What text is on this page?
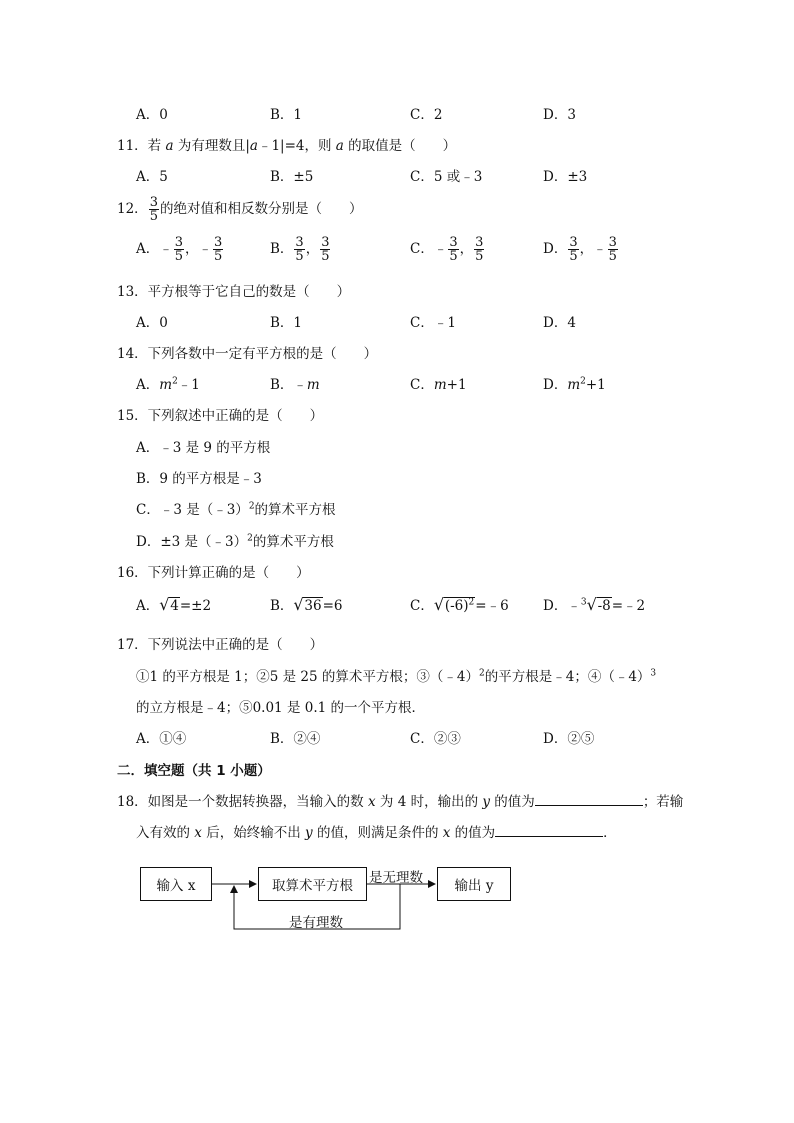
A．0	B．1	C．2	D．3
11．若 a 为有理数且|a﹣1|=4，则 a 的取值是（　　）
A．5	B．±5	C．5 或﹣3	D．±3
12． $\frac{3}{5}$ 的绝对值和相反数分别是（　　）
A．﹣ $\frac{3}{5}$ ，﹣ $\frac{3}{5}$	B． $\frac{3}{5}$ ， $\frac{3}{5}$	C．﹣ $\frac{3}{5}$ ， $\frac{3}{5}$	D． $\frac{3}{5}$ ，﹣ $\frac{3}{5}$
13．平方根等于它自己的数是（　　）
A．0	B．1	C．﹣1	D．4
14．下列各数中一定有平方根的是（　　）
A．$m^2﹣1$	B．﹣m	C．m+1	D．$m^2+1$
15．下列叙述中正确的是（　　）
A．﹣3 是 9 的平方根
B．9 的平方根是﹣3
C．﹣3 是（﹣3）$^2$的算术平方根
D．±3 是（﹣3）$^2$的算术平方根
16．下列计算正确的是（　　）
A． √ 4=±2	B． √ 36=6	C． √ $(-6)^2=﹣6$	D．﹣$^3$ √ -8=﹣2
17．下列说法中正确的是（　　）
①1 的平方根是 1；②5 是 25 的算术平方根；③（﹣4）$^2$的平方根是﹣4；④（﹣4）$^3$
的立方根是﹣4；⑤0.01 是 0.1 的一个平方根．
A．①④	B．②④	C．②③	D．②⑤
二．填空题（共 1 小题）
18．如图是一个数据转换器，当输入的数 x 为 4 时，输出的 y 的值为	；若输
入有效的 x 后，始终输不出 y 的值，则满足条件的 x 的值为	．
输入 x	取算术平方根	输出 y
是无理数
是有理数
